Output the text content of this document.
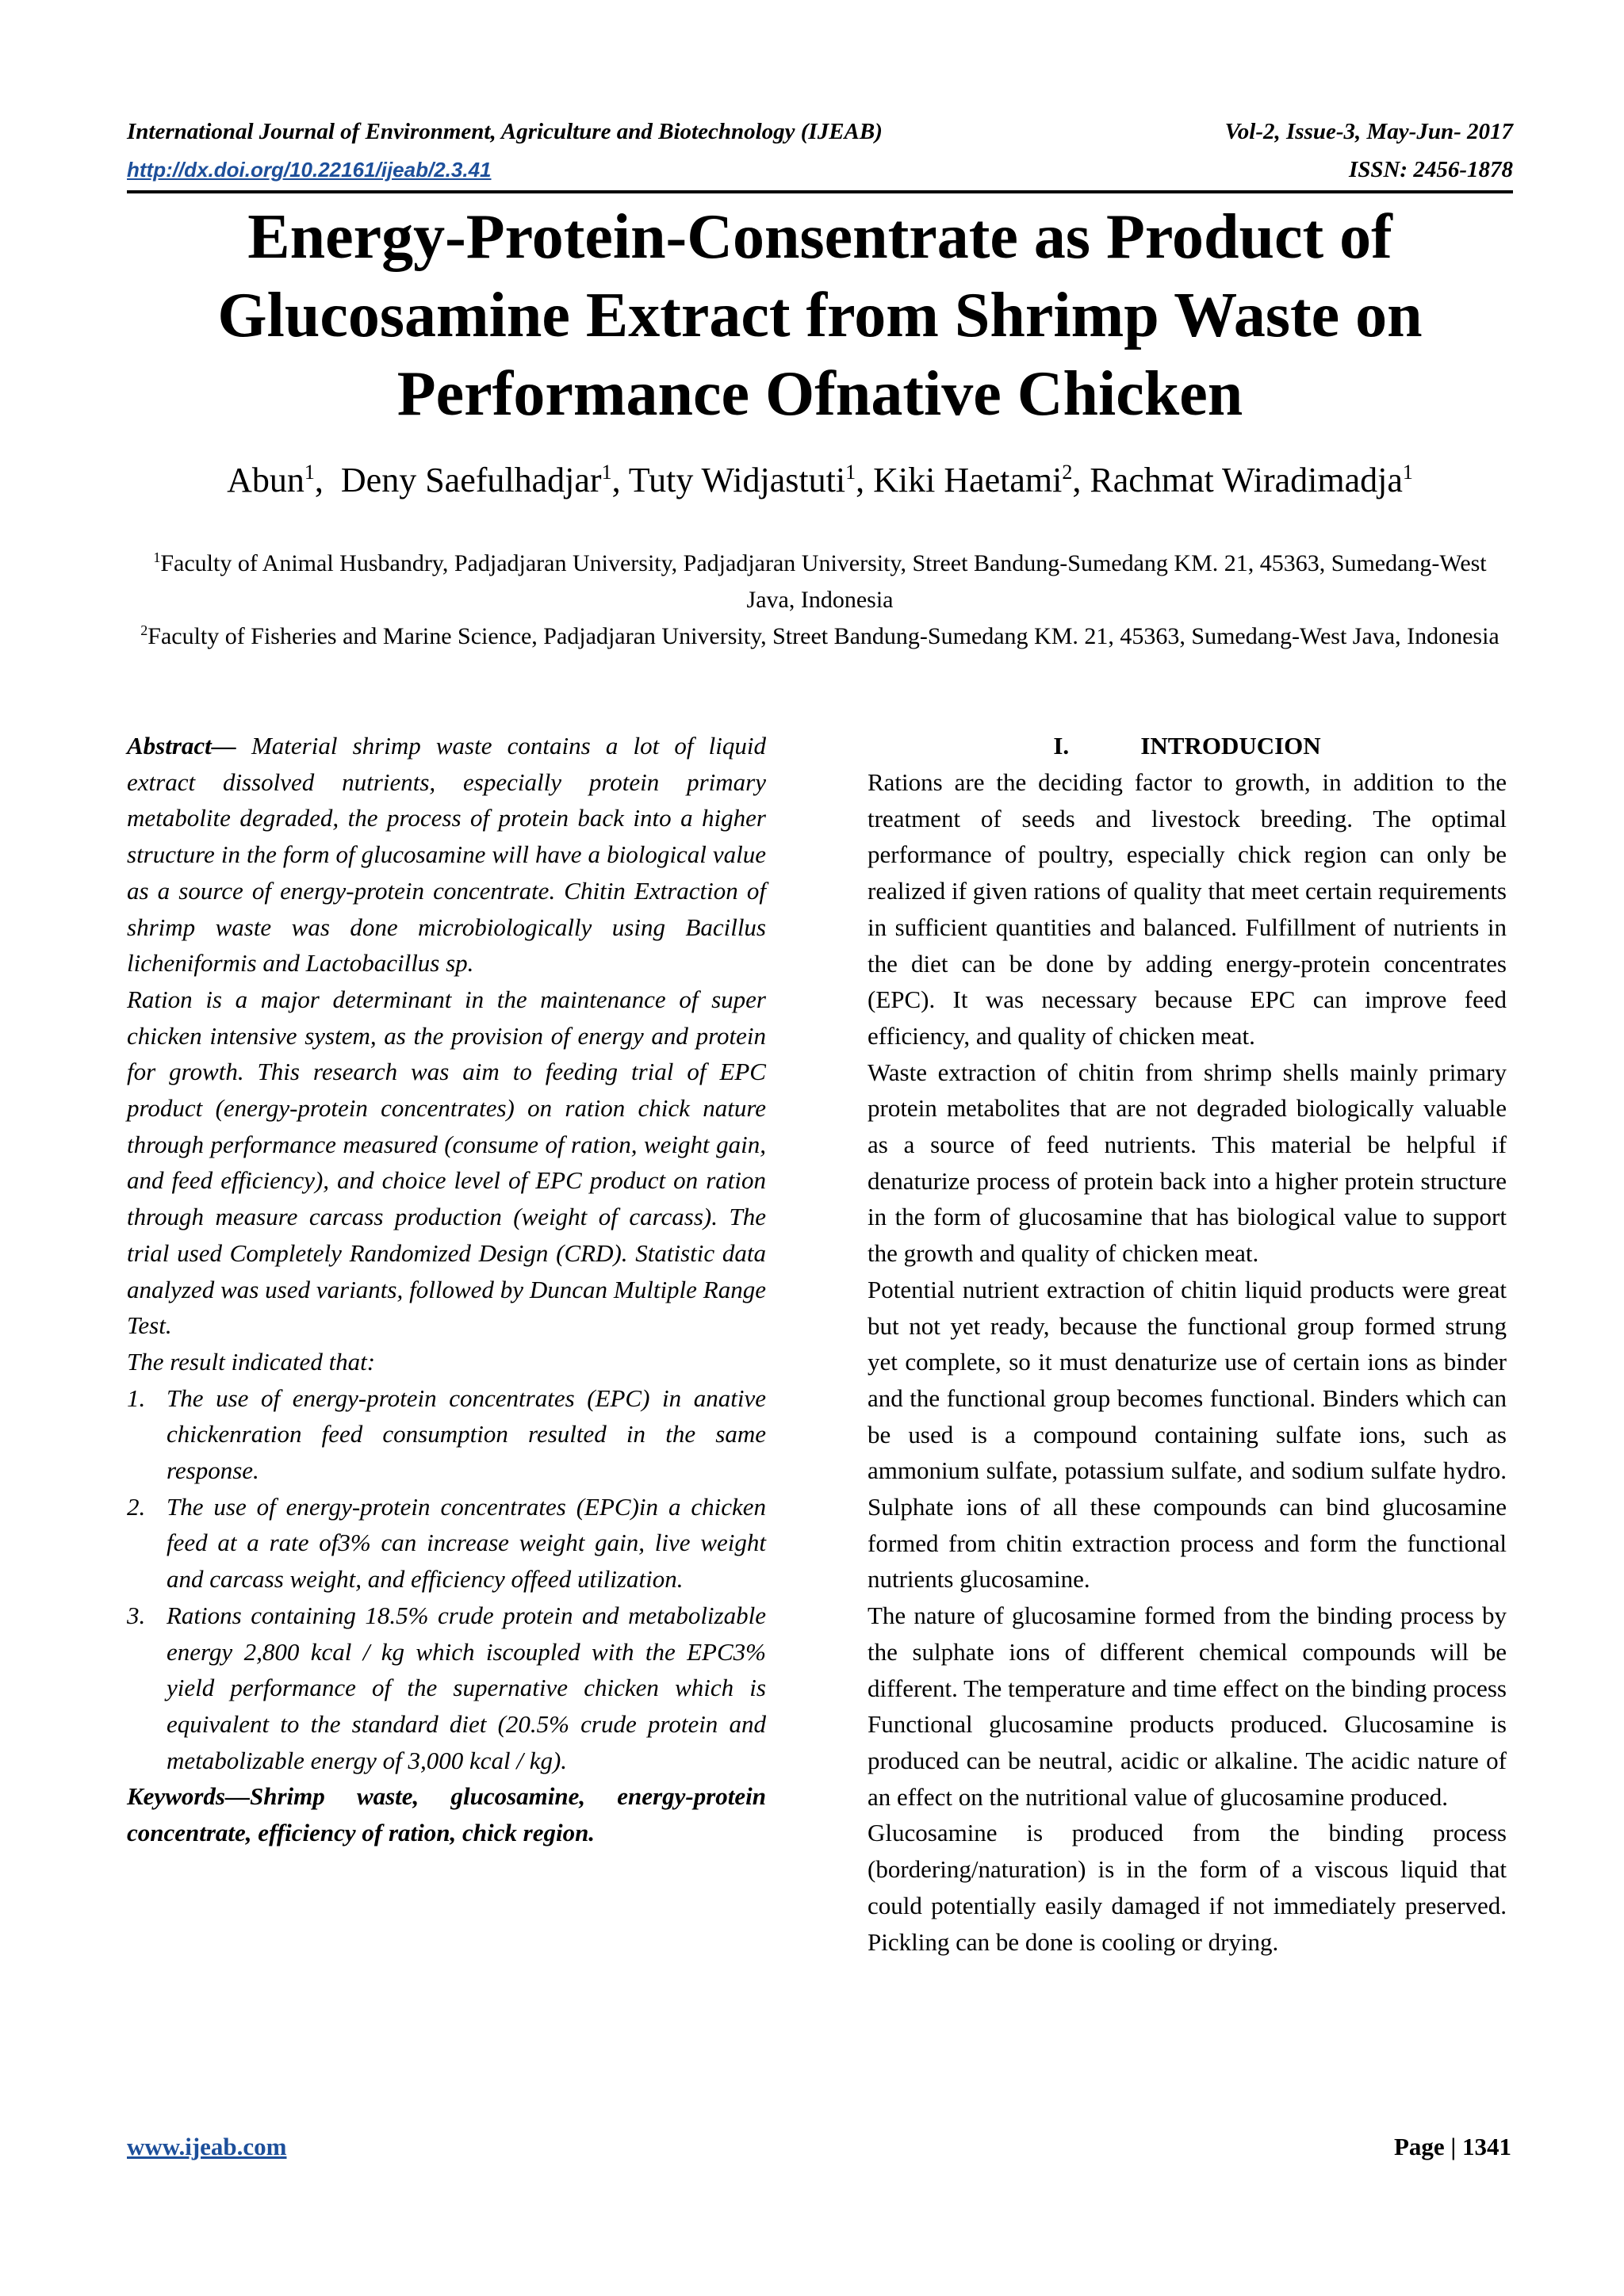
International Journal of Environment, Agriculture and Biotechnology (IJEAB)	Vol-2, Issue-3, May-Jun- 2017
http://dx.doi.org/10.22161/ijeab/2.3.41	ISSN: 2456-1878
Energy-Protein-Consentrate as Product of Glucosamine Extract from Shrimp Waste on Performance Ofnative Chicken
Abun$^1$,  Deny Saefulhadjar$^1$, Tuty Widjastuti$^1$, Kiki Haetami$^2$, Rachmat Wiradimadja$^1$
$^1$Faculty of Animal Husbandry, Padjadjaran University, Padjadjaran University, Street Bandung-Sumedang KM. 21, 45363, Sumedang-West Java, Indonesia
$^2$Faculty of Fisheries and Marine Science, Padjadjaran University, Street Bandung-Sumedang KM. 21, 45363, Sumedang-West Java, Indonesia

Abstract— Material shrimp waste contains a lot of liquid extract dissolved nutrients, especially protein primary metabolite degraded, the process of protein back into a higher structure in the form of glucosamine will have a biological value as a source of energy-protein concentrate. Chitin Extraction of shrimp waste was done microbiologically using Bacillus licheniformis and Lactobacillus sp.

Ration is a major determinant in the maintenance of super chicken intensive system, as the provision of energy and protein for growth. This research was aim to feeding trial of EPC product (energy-protein concentrates) on ration chick nature through performance measured (consume of ration, weight gain, and feed efficiency), and choice level of EPC product on ration through measure carcass production (weight of carcass). The trial used Completely Randomized Design (CRD). Statistic data analyzed was used variants, followed by Duncan Multiple Range Test.

The result indicated that:

1. The use of energy-protein concentrates (EPC) in anative chickenration feed consumption resulted in the same response.
2. The use of energy-protein concentrates (EPC)in a chicken feed at a rate of3% can increase weight gain, live weight and carcass weight, and efficiency offeed utilization.
3. Rations containing 18.5% crude protein and metabolizable energy 2,800 kcal / kg which iscoupled with the EPC3% yield performance of the supernative chicken which is equivalent to the standard diet (20.5% crude protein and metabolizable energy of 3,000 kcal / kg).

Keywords—Shrimp waste, glucosamine, energy-protein concentrate, efficiency of ration, chick region.

I.	INTRODUCION

Rations are the deciding factor to growth, in addition to the treatment of seeds and livestock breeding. The optimal performance of poultry, especially chick region can only be realized if given rations of quality that meet certain requirements in sufficient quantities and balanced. Fulfillment of nutrients in the diet can be done by adding energy-protein concentrates (EPC). It was necessary because EPC can improve feed efficiency, and quality of chicken meat.

Waste extraction of chitin from shrimp shells mainly primary protein metabolites that are not degraded biologically valuable as a source of feed nutrients. This material be helpful if denaturize process of protein back into a higher protein structure in the form of glucosamine that has biological value to support the growth and quality of chicken meat.

Potential nutrient extraction of chitin liquid products were great but not yet ready, because the functional group formed strung yet complete, so it must denaturize use of certain ions as binder and the functional group becomes functional. Binders which can be used is a compound containing sulfate ions, such as ammonium sulfate, potassium sulfate, and sodium sulfate hydro. Sulphate ions of all these compounds can bind glucosamine formed from chitin extraction process and form the functional nutrients glucosamine.

The nature of glucosamine formed from the binding process by the sulphate ions of different chemical compounds will be different. The temperature and time effect on the binding process Functional glucosamine products produced. Glucosamine is produced can be neutral, acidic or alkaline. The acidic nature of an effect on the nutritional value of glucosamine produced.

Glucosamine is produced from the binding process (bordering/naturation) is in the form of a viscous liquid that could potentially easily damaged if not immediately preserved. Pickling can be done is cooling or drying.

www.ijeab.com	Page | 1341
